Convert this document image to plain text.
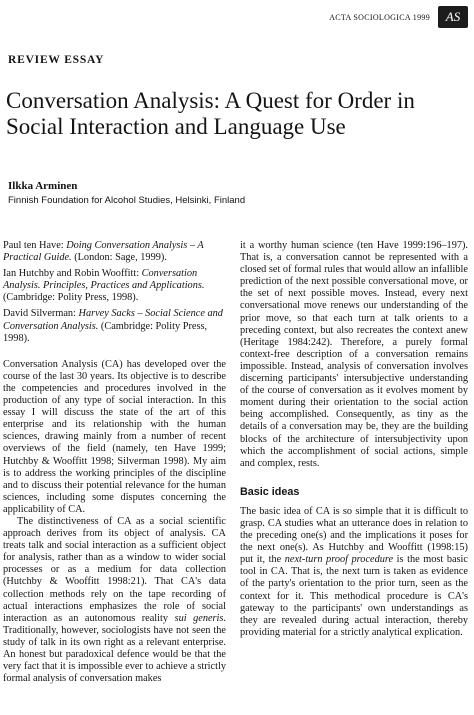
ACTA SOCIOLOGICA 1999	AS
REVIEW ESSAY
Conversation Analysis: A Quest for Order in Social Interaction and Language Use
Ilkka Arminen
Finnish Foundation for Alcohol Studies, Helsinki, Finland

Paul ten Have: Doing Conversation Analysis – A Practical Guide. (London: Sage, 1999).

Ian Hutchby and Robin Wooffitt: Conversation Analysis. Principles, Practices and Applications. (Cambridge: Polity Press, 1998).

David Silverman: Harvey Sacks – Social Science and Conversation Analysis. (Cambridge: Polity Press, 1998).

Conversation Analysis (CA) has developed over the course of the last 30 years. Its objective is to describe the competencies and procedures involved in the production of any type of social interaction. In this essay I will discuss the state of the art of this enterprise and its relationship with the human sciences, drawing mainly from a number of recent overviews of the field (namely, ten Have 1999; Hutchby & Wooffitt 1998; Silverman 1998). My aim is to address the working principles of the discipline and to discuss their potential relevance for the human sciences, including some disputes concerning the applicability of CA.

The distinctiveness of CA as a social scientific approach derives from its object of analysis. CA treats talk and social interaction as a sufficient object for analysis, rather than as a window to wider social processes or as a medium for data collection (Hutchby & Wooffitt 1998:21). That CA's data collection methods rely on the tape recording of actual interactions emphasizes the role of social interaction as an autonomous reality sui generis. Traditionally, however, sociologists have not seen the study of talk in its own right as a relevant enterprise. An honest but paradoxical defence would be that the very fact that it is impossible ever to achieve a strictly formal analysis of conversation makes

it a worthy human science (ten Have 1999:196–197). That is, a conversation cannot be represented with a closed set of formal rules that would allow an infallible prediction of the next possible conversational move, or the set of next possible moves. Instead, every next conversational move renews our understanding of the prior move, so that each turn at talk orients to a preceding context, but also recreates the context anew (Heritage 1984:242). Therefore, a purely formal context-free description of a conversation remains impossible. Instead, analysis of conversation involves discerning participants' intersubjective understanding of the course of conversation as it evolves moment by moment during their orientation to the social action being accomplished. Consequently, as tiny as the details of a conversation may be, they are the building blocks of the architecture of intersubjectivity upon which the accomplishment of social actions, simple and complex, rests.

Basic ideas

The basic idea of CA is so simple that it is difficult to grasp. CA studies what an utterance does in relation to the preceding one(s) and the implications it poses for the next one(s). As Hutchby and Wooffitt (1998:15) put it, the next-turn proof procedure is the most basic tool in CA. That is, the next turn is taken as evidence of the party's orientation to the prior turn, seen as the context for it. This methodical procedure is CA's gateway to the participants' own understandings as they are revealed during actual interaction, thereby providing material for a strictly analytical explication.
